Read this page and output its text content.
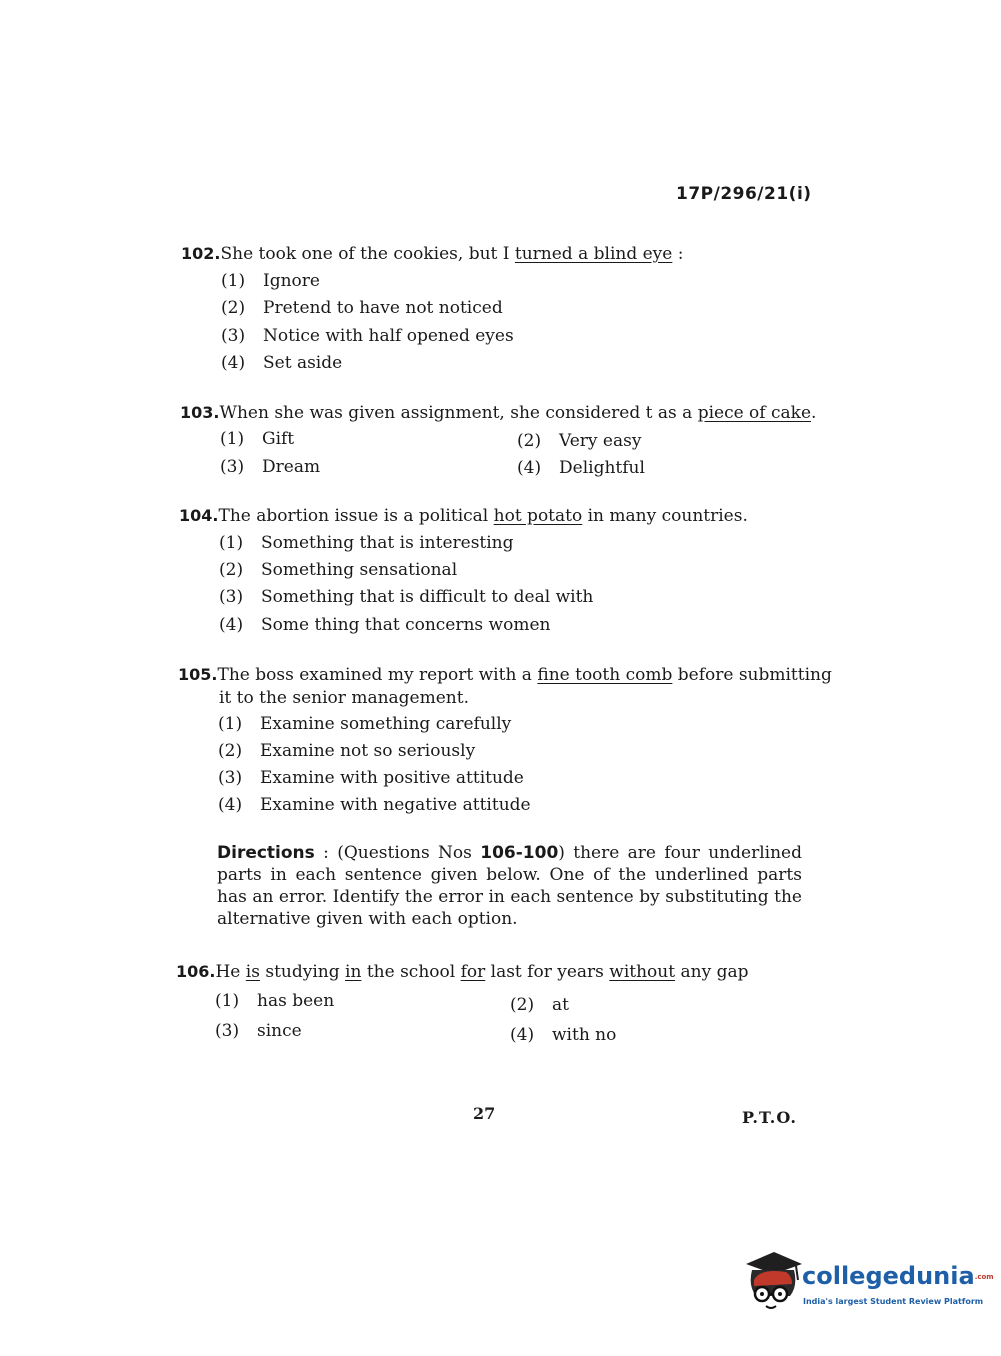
17P/296/21(i)
102.She took one of the cookies, but I turned a blind eye :
(1) Ignore
(2) Pretend to have not noticed
(3) Notice with half opened eyes
(4) Set aside
103.When she was given assignment, she considered t as a piece of cake.
(1) Gift	(2) Very easy
(3) Dream	(4) Delightful
104.The abortion issue is a political hot potato in many countries.
(1) Something that is interesting
(2) Something sensational
(3) Something that is difficult to deal with
(4) Some thing that concerns women
105.The boss examined my report with a fine tooth comb before submitting
it to the senior management.
(1) Examine something carefully
(2) Examine not so seriously
(3) Examine with positive attitude
(4) Examine with negative attitude
Directions : (Questions Nos 106-100) there are four underlined parts in each sentence given below. One of the underlined parts has an error. Identify the error in each sentence by substituting the alternative given with each option.
106.He is studying in the school for last for years without any gap
(1) has been	(2) at
(3) since	(4) with no
27	P.T.O.
collegedunia.com
India's largest Student Review Platform
